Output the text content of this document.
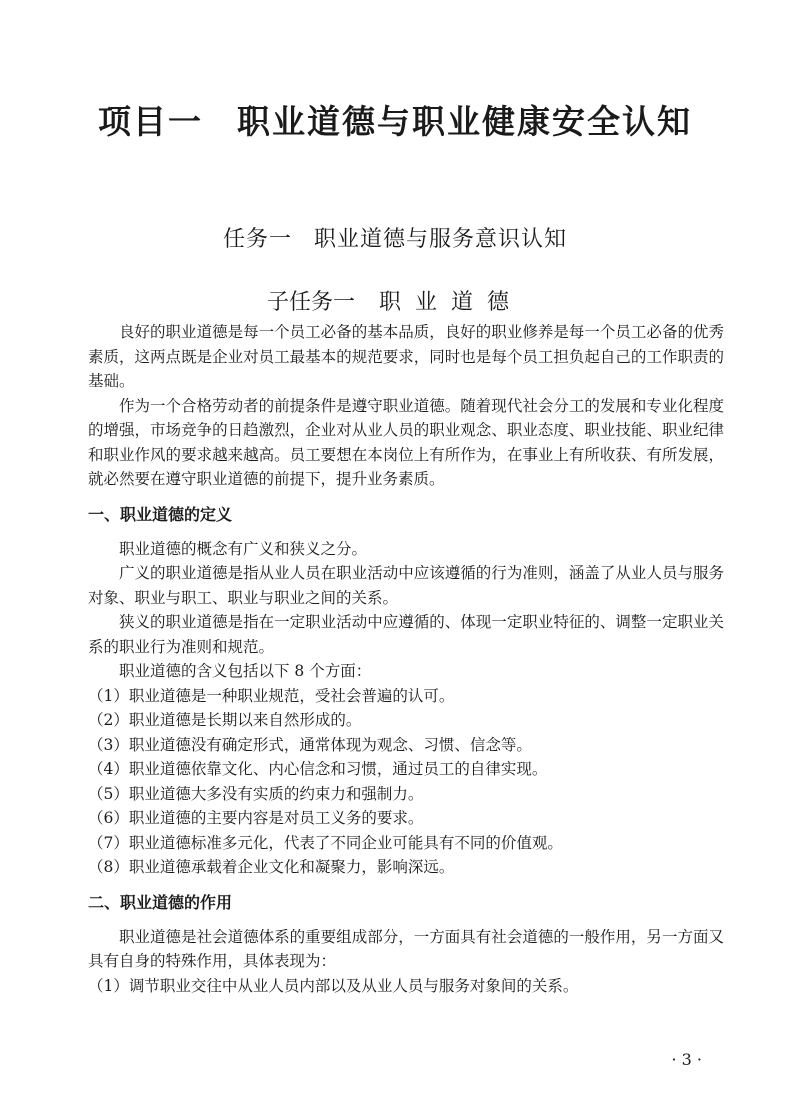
项目一 职业道德与职业健康安全认知
任务一 职业道德与服务意识认知
子任务一 职业道德

良好的职业道德是每一个员工必备的基本品质，良好的职业修养是每一个员工必备的优秀素质，这两点既是企业对员工最基本的规范要求，同时也是每个员工担负起自己的工作职责的基础。

作为一个合格劳动者的前提条件是遵守职业道德。随着现代社会分工的发展和专业化程度的增强，市场竞争的日趋激烈，企业对从业人员的职业观念、职业态度、职业技能、职业纪律和职业作风的要求越来越高。员工要想在本岗位上有所作为，在事业上有所收获、有所发展，就必然要在遵守职业道德的前提下，提升业务素质。

一、职业道德的定义

职业道德的概念有广义和狭义之分。

广义的职业道德是指从业人员在职业活动中应该遵循的行为准则，涵盖了从业人员与服务对象、职业与职工、职业与职业之间的关系。

狭义的职业道德是指在一定职业活动中应遵循的、体现一定职业特征的、调整一定职业关系的职业行为准则和规范。

职业道德的含义包括以下 8 个方面：

（1）职业道德是一种职业规范，受社会普遍的认可。

（2）职业道德是长期以来自然形成的。

（3）职业道德没有确定形式，通常体现为观念、习惯、信念等。

（4）职业道德依靠文化、内心信念和习惯，通过员工的自律实现。

（5）职业道德大多没有实质的约束力和强制力。

（6）职业道德的主要内容是对员工义务的要求。

（7）职业道德标准多元化，代表了不同企业可能具有不同的价值观。

（8）职业道德承载着企业文化和凝聚力，影响深远。

二、职业道德的作用

职业道德是社会道德体系的重要组成部分，一方面具有社会道德的一般作用，另一方面又具有自身的特殊作用，具体表现为：

（1）调节职业交往中从业人员内部以及从业人员与服务对象间的关系。

· 3 ·
